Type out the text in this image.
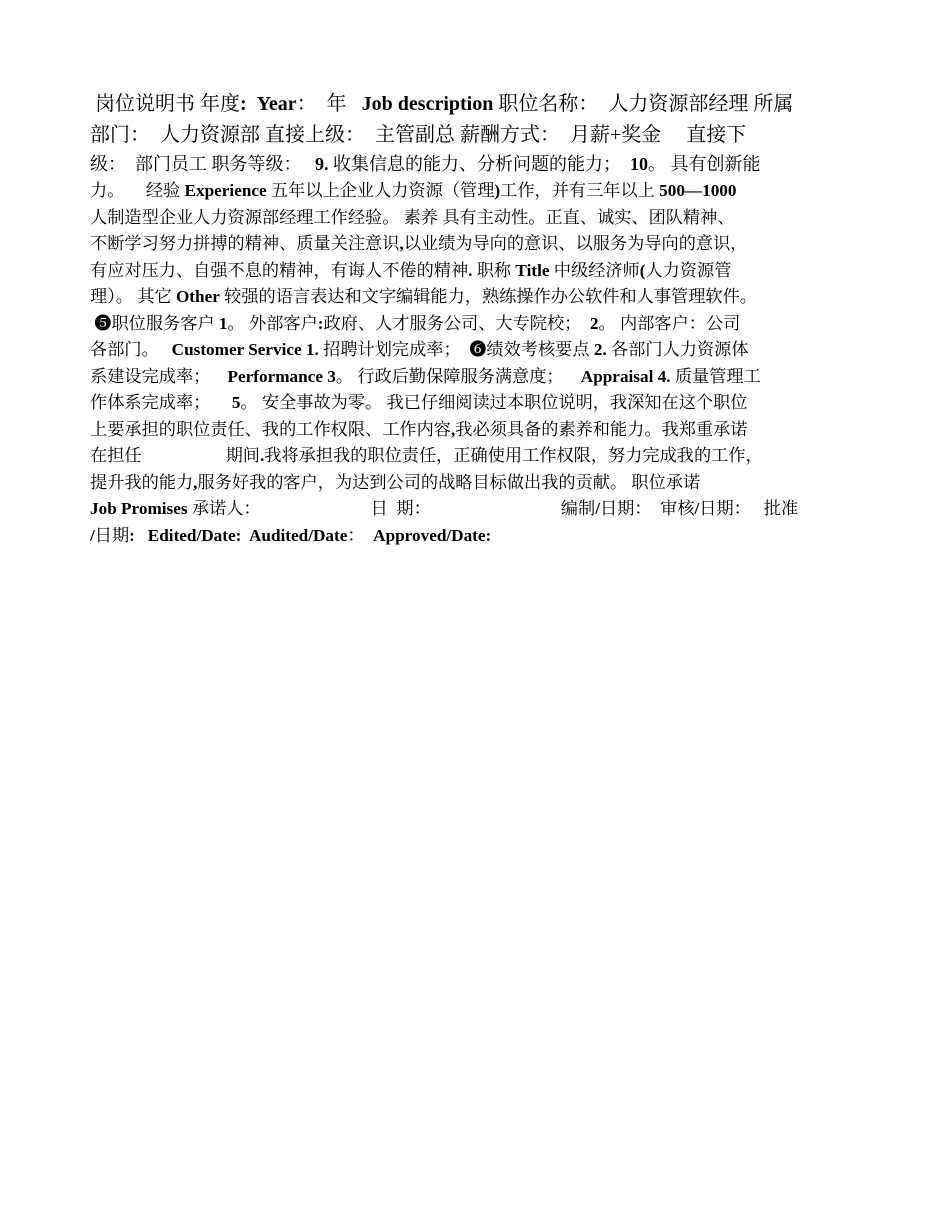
岗位说明书 年度: Year：  年   Job description 职位名称：  人力资源部经理 所属
部门：  人力资源部 直接上级：  主管副总 薪酬方式：  月薪+奖金     直接下
级：  部门员工 职务等级：   9. 收集信息的能力、分析问题的能力；  10。 具有创新能
力。     经验 Experience 五年以上企业人力资源（管理)工作，并有三年以上 500—1000
人制造型企业人力资源部经理工作经验。 素养 具有主动性。正直、诚实、团队精神、
不断学习努力拼搏的精神、质量关注意识,以业绩为导向的意识、以服务为导向的意识，
有应对压力、自强不息的精神，有诲人不倦的精神. 职称 Title 中级经济师(人力资源管
理）。 其它 Other 较强的语言表达和文字编辑能力，熟练操作办公软件和人事管理软件。
❺职位服务客户 1。 外部客户:政府、人才服务公司、大专院校；  2。 内部客户：公司
各部门。   Customer Service 1. 招聘计划完成率；  ❻绩效考核要点 2. 各部门人力资源体
系建设完成率；    Performance 3。 行政后勤保障服务满意度；    Appraisal 4. 质量管理工
作体系完成率；     5。 安全事故为零。 我已仔细阅读过本职位说明，我深知在这个职位
上要承担的职位责任、我的工作权限、工作内容,我必须具备的素养和能力。我郑重承诺
在担任	期间.我将承担我的职位责任，正确使用工作权限，努力完成我的工作，
提升我的能力,服务好我的客户，为达到公司的战略目标做出我的贡献。 职位承诺
Job Promises 承诺人：	日  期：	编制/日期：  审核/日期：   批准
/日期:   Edited/Date:  Audited/Date：  Approved/Date:
